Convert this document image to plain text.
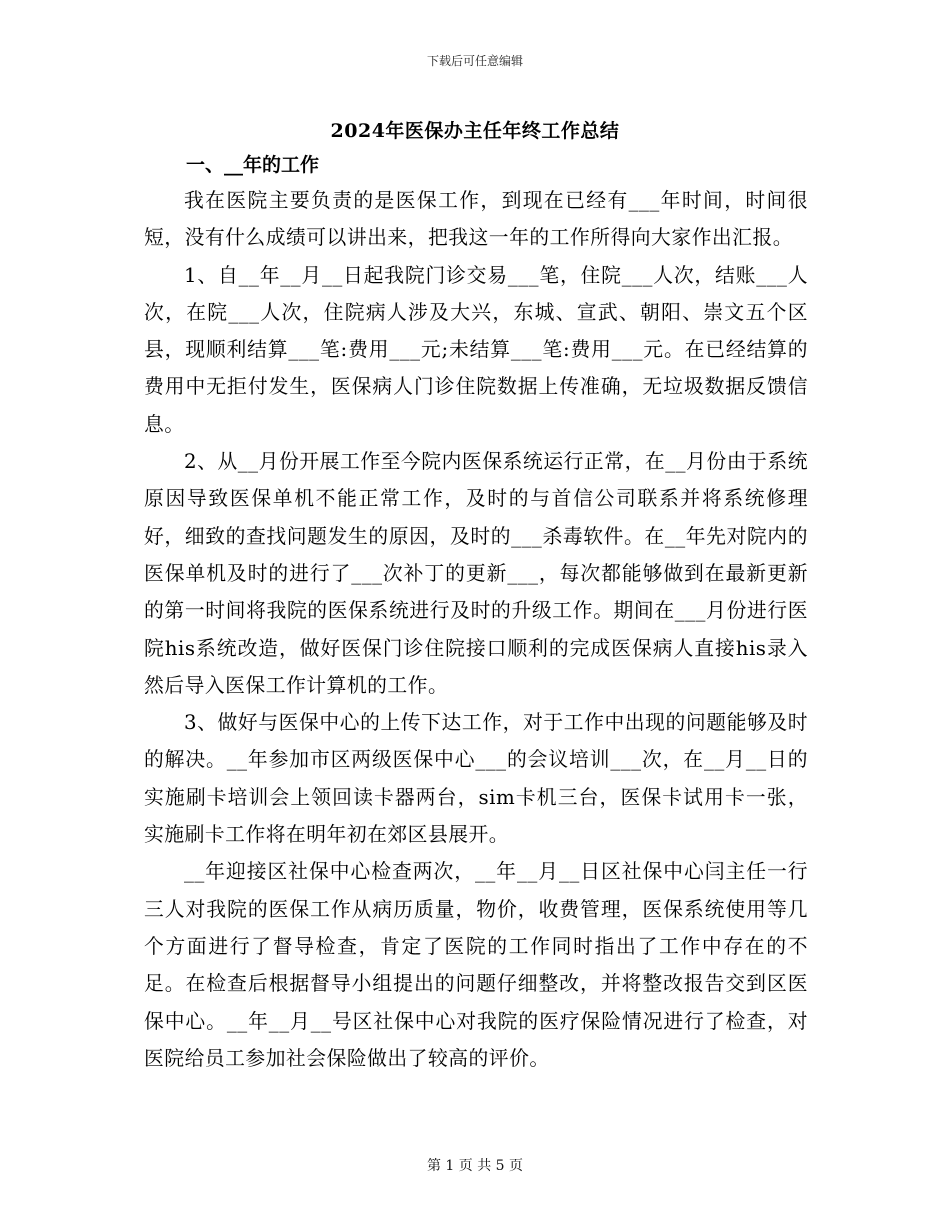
下载后可任意编辑
2024年医保办主任年终工作总结

一、__年的工作

我在医院主要负责的是医保工作，到现在已经有___年时间，时间很短，没有什么成绩可以讲出来，把我这一年的工作所得向大家作出汇报。

1、自__年__月__日起我院门诊交易___笔，住院___人次，结账___人次，在院___人次，住院病人涉及大兴，东城、宣武、朝阳、崇文五个区县，现顺利结算___笔:费用___元;未结算___笔:费用___元。在已经结算的费用中无拒付发生，医保病人门诊住院数据上传准确，无垃圾数据反馈信息。

2、从__月份开展工作至今院内医保系统运行正常，在__月份由于系统原因导致医保单机不能正常工作，及时的与首信公司联系并将系统修理好，细致的查找问题发生的原因，及时的___杀毒软件。在__年先对院内的医保单机及时的进行了___次补丁的更新___，每次都能够做到在最新更新的第一时间将我院的医保系统进行及时的升级工作。期间在___月份进行医院his系统改造，做好医保门诊住院接口顺利的完成医保病人直接his录入然后导入医保工作计算机的工作。

3、做好与医保中心的上传下达工作，对于工作中出现的问题能够及时的解决。__年参加市区两级医保中心___的会议培训___次，在__月__日的实施刷卡培训会上领回读卡器两台，sim卡机三台，医保卡试用卡一张，实施刷卡工作将在明年初在郊区县展开。

__年迎接区社保中心检查两次，__年__月__日区社保中心闫主任一行三人对我院的医保工作从病历质量，物价，收费管理，医保系统使用等几个方面进行了督导检查，肯定了医院的工作同时指出了工作中存在的不足。在检查后根据督导小组提出的问题仔细整改，并将整改报告交到区医保中心。__年__月__号区社保中心对我院的医疗保险情况进行了检查，对医院给员工参加社会保险做出了较高的评价。

第 1 页 共 5 页
